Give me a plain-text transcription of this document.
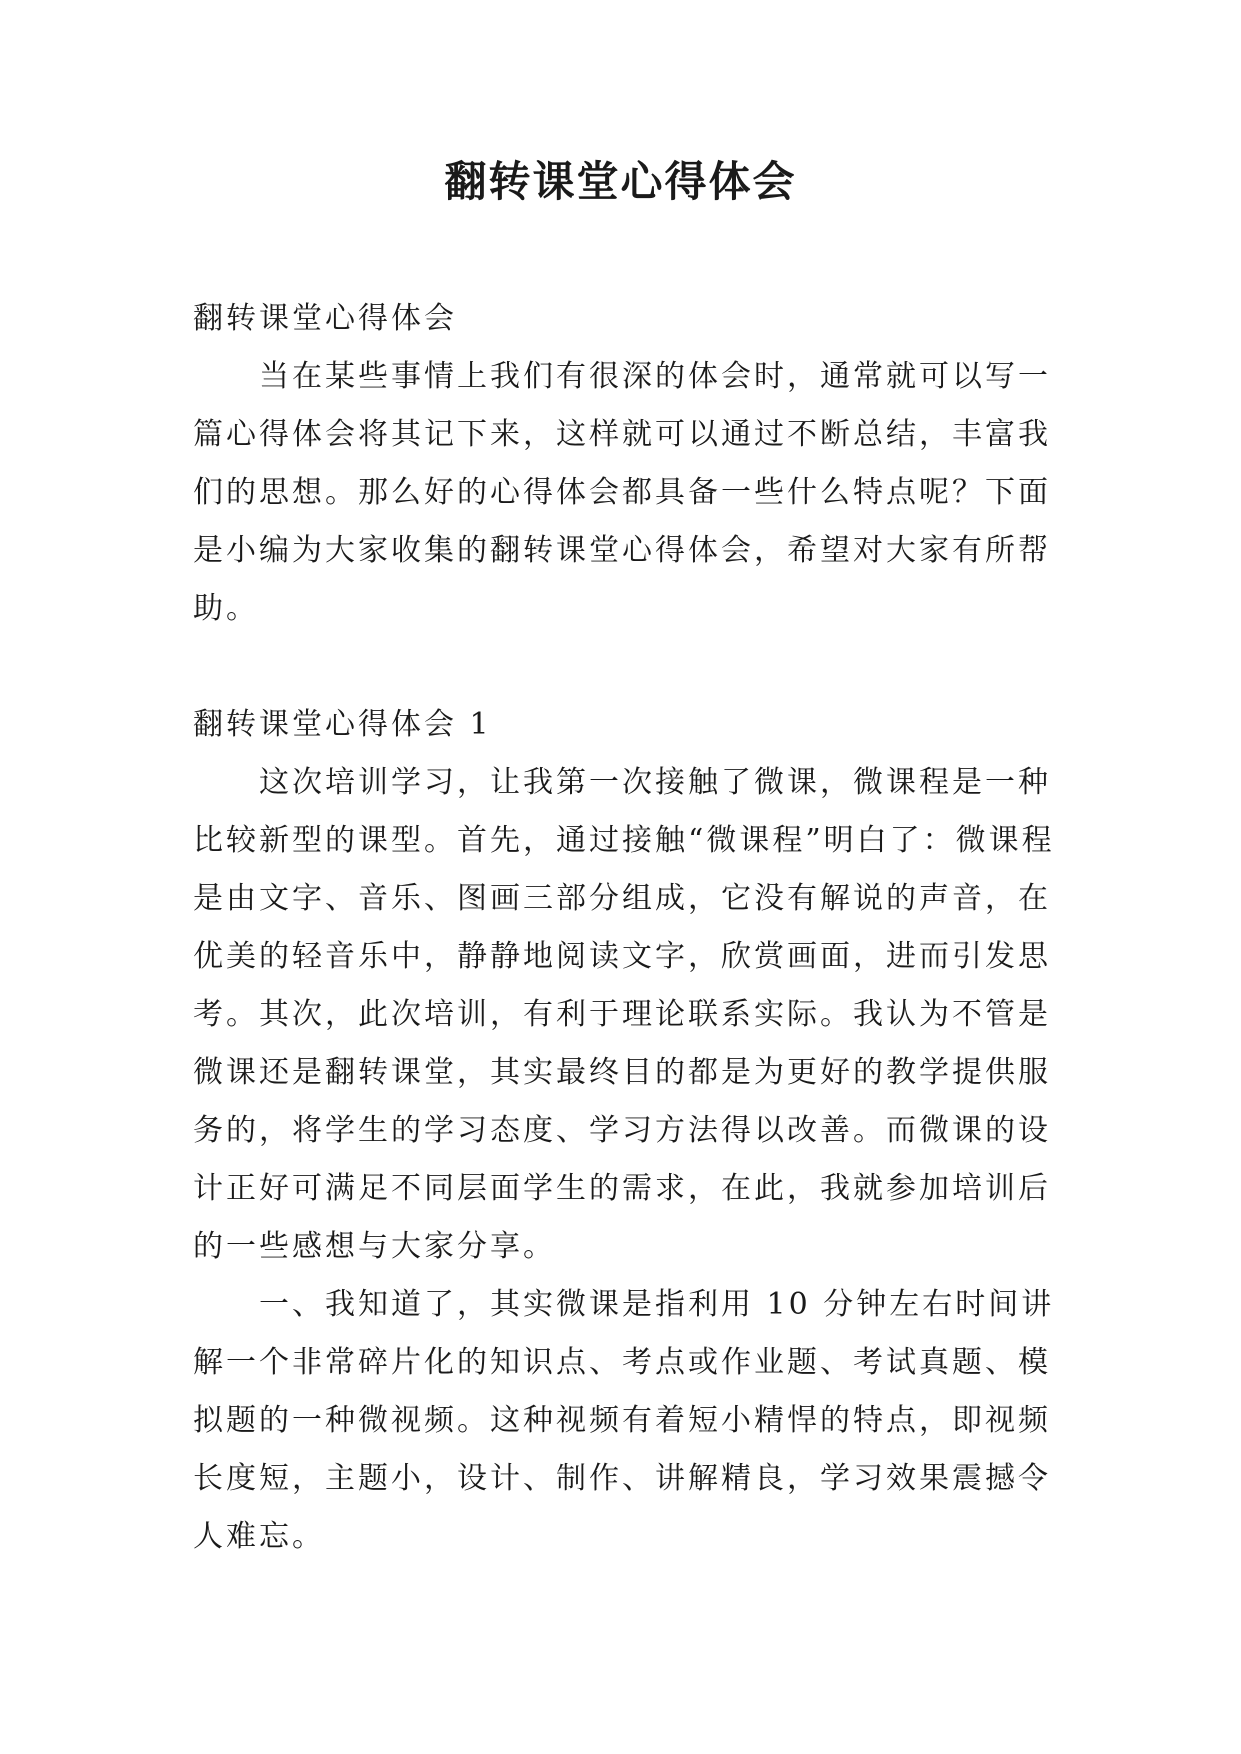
翻转课堂心得体会

翻转课堂心得体会

当在某些事情上我们有很深的体会时，通常就可以写一篇心得体会将其记下来，这样就可以通过不断总结，丰富我们的思想。那么好的心得体会都具备一些什么特点呢？下面是小编为大家收集的翻转课堂心得体会，希望对大家有所帮助。

翻转课堂心得体会 1

这次培训学习，让我第一次接触了微课，微课程是一种比较新型的课型。首先，通过接触“微课程”明白了：微课程是由文字、音乐、图画三部分组成，它没有解说的声音，在优美的轻音乐中，静静地阅读文字，欣赏画面，进而引发思考。其次，此次培训，有利于理论联系实际。我认为不管是微课还是翻转课堂，其实最终目的都是为更好的教学提供服务的，将学生的学习态度、学习方法得以改善。而微课的设计正好可满足不同层面学生的需求，在此，我就参加培训后的一些感想与大家分享。

一、我知道了，其实微课是指利用 10 分钟左右时间讲解一个非常碎片化的知识点、考点或作业题、考试真题、模拟题的一种微视频。这种视频有着短小精悍的特点，即视频长度短，主题小，设计、制作、讲解精良，学习效果震撼令人难忘。
